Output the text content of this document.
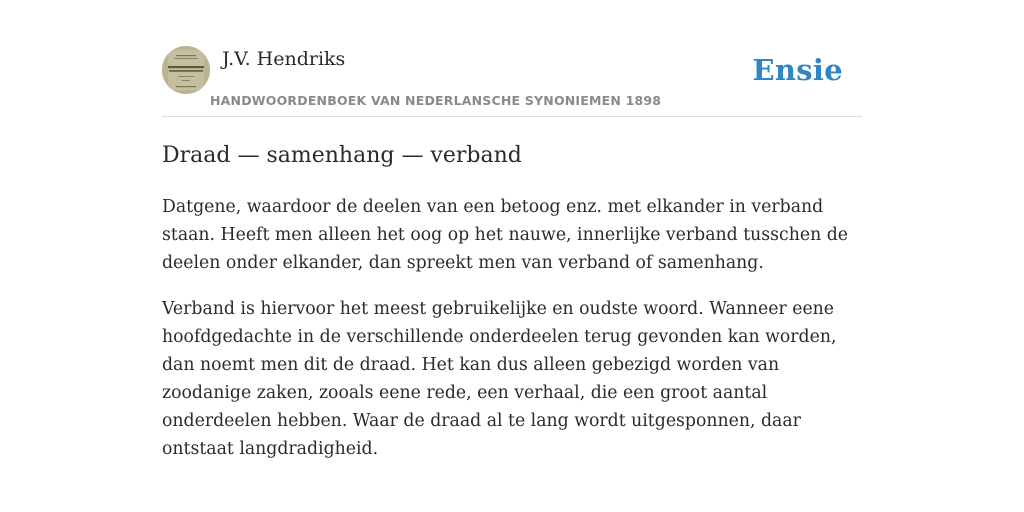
J.V. Hendriks
HANDWOORDENBOEK VAN NEDERLANSCHE SYNONIEMEN 1898
Ensie
Draad — samenhang — verband

Datgene, waardoor de deelen van een betoog enz. met elkander in verband staan. Heeft men alleen het oog op het nauwe, innerlijke verband tusschen de deelen onder elkander, dan spreekt men van verband of samenhang.

Verband is hiervoor het meest gebruikelijke en oudste woord. Wanneer eene hoofdgedachte in de verschillende onderdeelen terug gevonden kan worden, dan noemt men dit de draad. Het kan dus alleen gebezigd worden van zoodanige zaken, zooals eene rede, een verhaal, die een groot aantal onderdeelen hebben. Waar de draad al te lang wordt uitgesponnen, daar ontstaat langdradigheid.
